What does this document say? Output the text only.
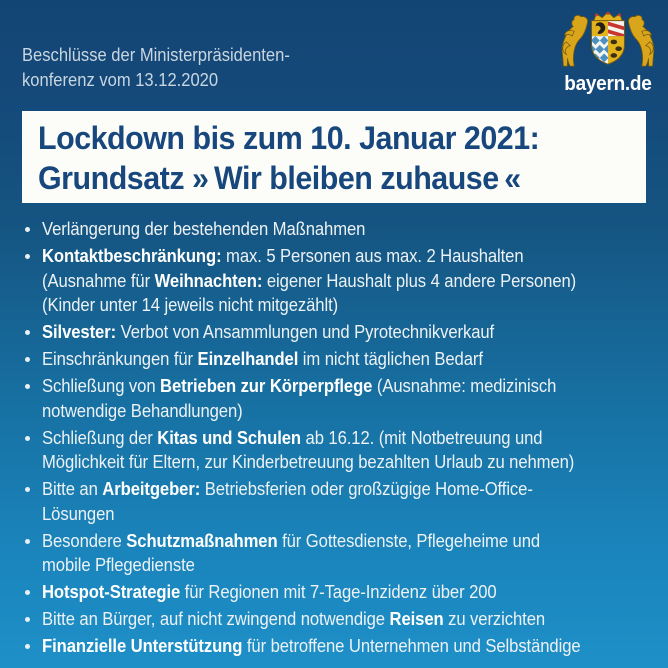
Beschlüsse der Ministerpräsidenten-
konferenz vom 13.12.2020	bayern.de
Lockdown bis zum 10. Januar 2021:
Grundsatz » Wir bleiben zuhause «
Verlängerung der bestehenden Maßnahmen
Kontaktbeschränkung: max. 5 Personen aus max. 2 Haushalten
(Ausnahme für Weihnachten: eigener Haushalt plus 4 andere Personen)
(Kinder unter 14 jeweils nicht mitgezählt)
Silvester: Verbot von Ansammlungen und Pyrotechnikverkauf
Einschränkungen für Einzelhandel im nicht täglichen Bedarf
Schließung von Betrieben zur Körperpflege (Ausnahme: medizinisch
notwendige Behandlungen)
Schließung der Kitas und Schulen ab 16.12. (mit Notbetreuung und
Möglichkeit für Eltern, zur Kinderbetreuung bezahlten Urlaub zu nehmen)
Bitte an Arbeitgeber: Betriebsferien oder großzügige Home-Office-
Lösungen
Besondere Schutzmaßnahmen für Gottesdienste, Pflegeheime und
mobile Pflegedienste
Hotspot-Strategie für Regionen mit 7-Tage-Inzidenz über 200
Bitte an Bürger, auf nicht zwingend notwendige Reisen zu verzichten
Finanzielle Unterstützung für betroffene Unternehmen und Selbständige
